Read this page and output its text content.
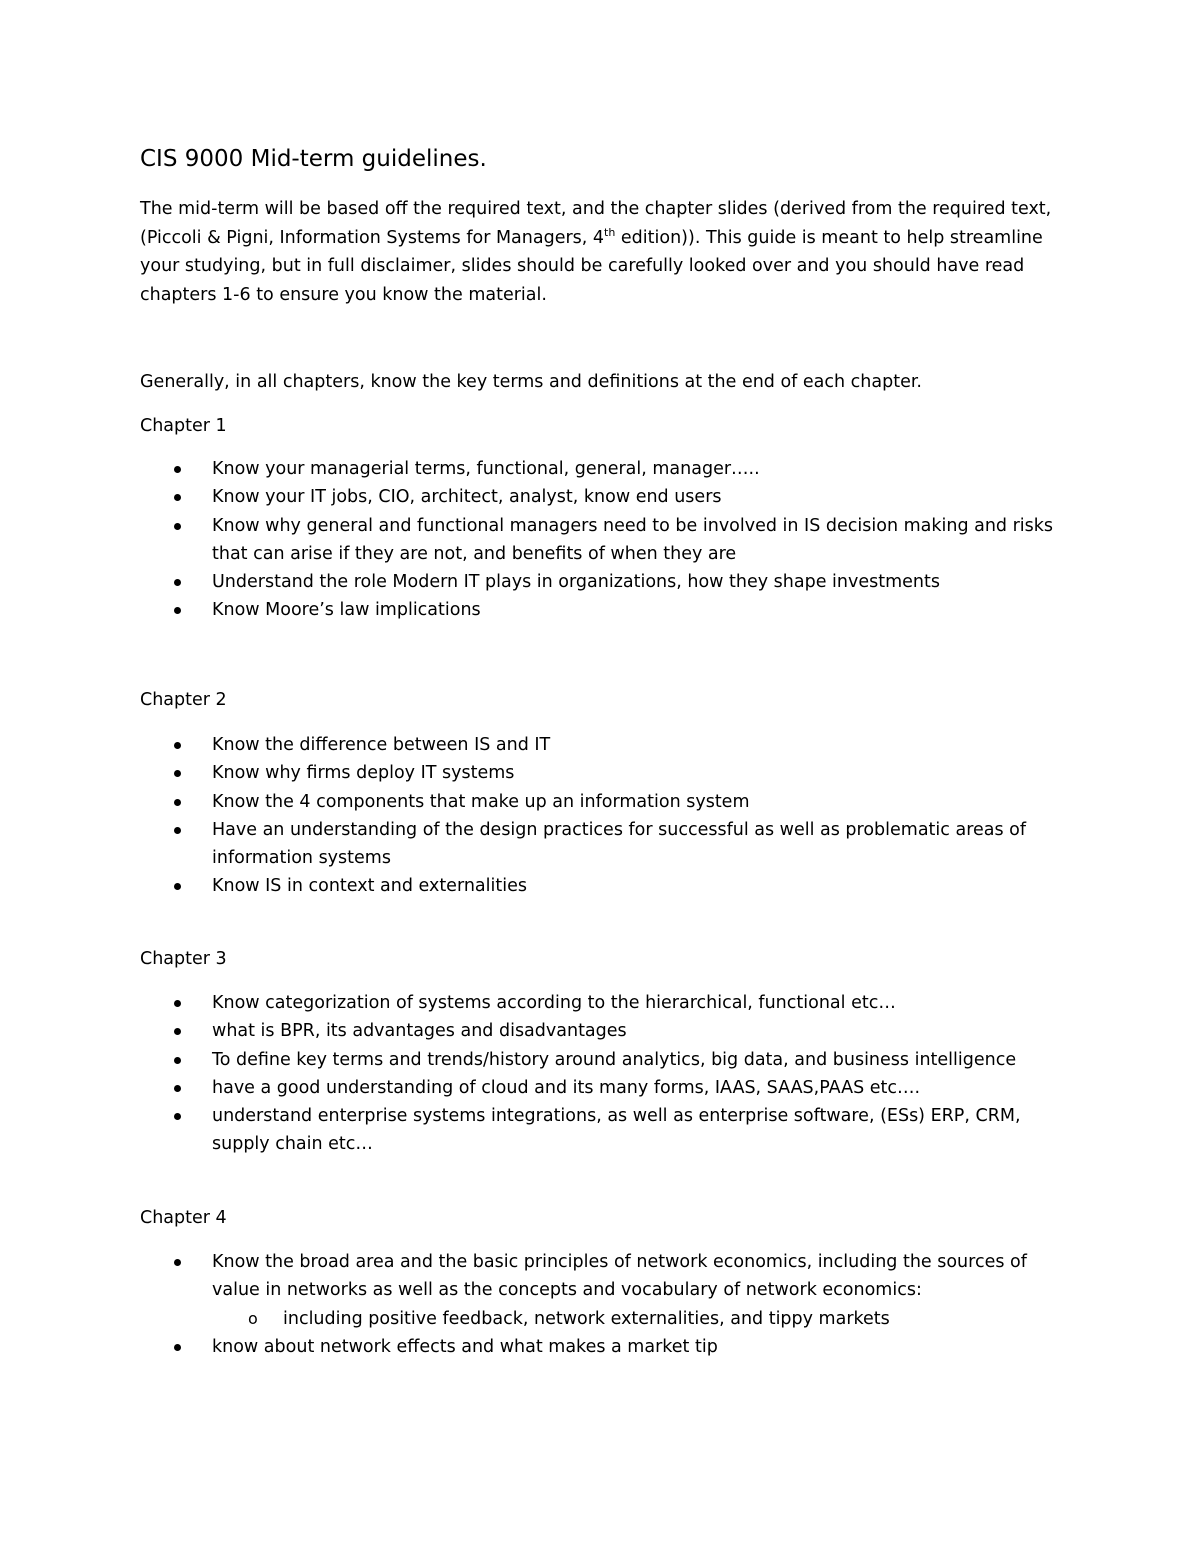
CIS 9000 Mid-term guidelines.
The mid-term will be based off the required text, and the chapter slides (derived from the required text,
(Piccoli & Pigni, Information Systems for Managers, 4th edition)). This guide is meant to help streamline
your studying, but in full disclaimer, slides should be carefully looked over and you should have read
chapters 1-6 to ensure you know the material.
Generally, in all chapters, know the key terms and definitions at the end of each chapter.
Chapter 1
Know your managerial terms, functional, general, manager…..
Know your IT jobs, CIO, architect, analyst, know end users
Know why general and functional managers need to be involved in IS decision making and risks
that can arise if they are not, and benefits of when they are
Understand the role Modern IT plays in organizations, how they shape investments
Know Moore’s law implications
Chapter 2
Know the difference between IS and IT
Know why firms deploy IT systems
Know the 4 components that make up an information system
Have an understanding of the design practices for successful as well as problematic areas of
information systems
Know IS in context and externalities
Chapter 3
Know categorization of systems according to the hierarchical, functional etc…
what is BPR, its advantages and disadvantages
To define key terms and trends/history around analytics, big data, and business intelligence
have a good understanding of cloud and its many forms, IAAS, SAAS,PAAS etc….
understand enterprise systems integrations, as well as enterprise software, (ESs) ERP, CRM,
supply chain etc…
Chapter 4
Know the broad area and the basic principles of network economics, including the sources of
value in networks as well as the concepts and vocabulary of network economics:
o including positive feedback, network externalities, and tippy markets
know about network effects and what makes a market tip
